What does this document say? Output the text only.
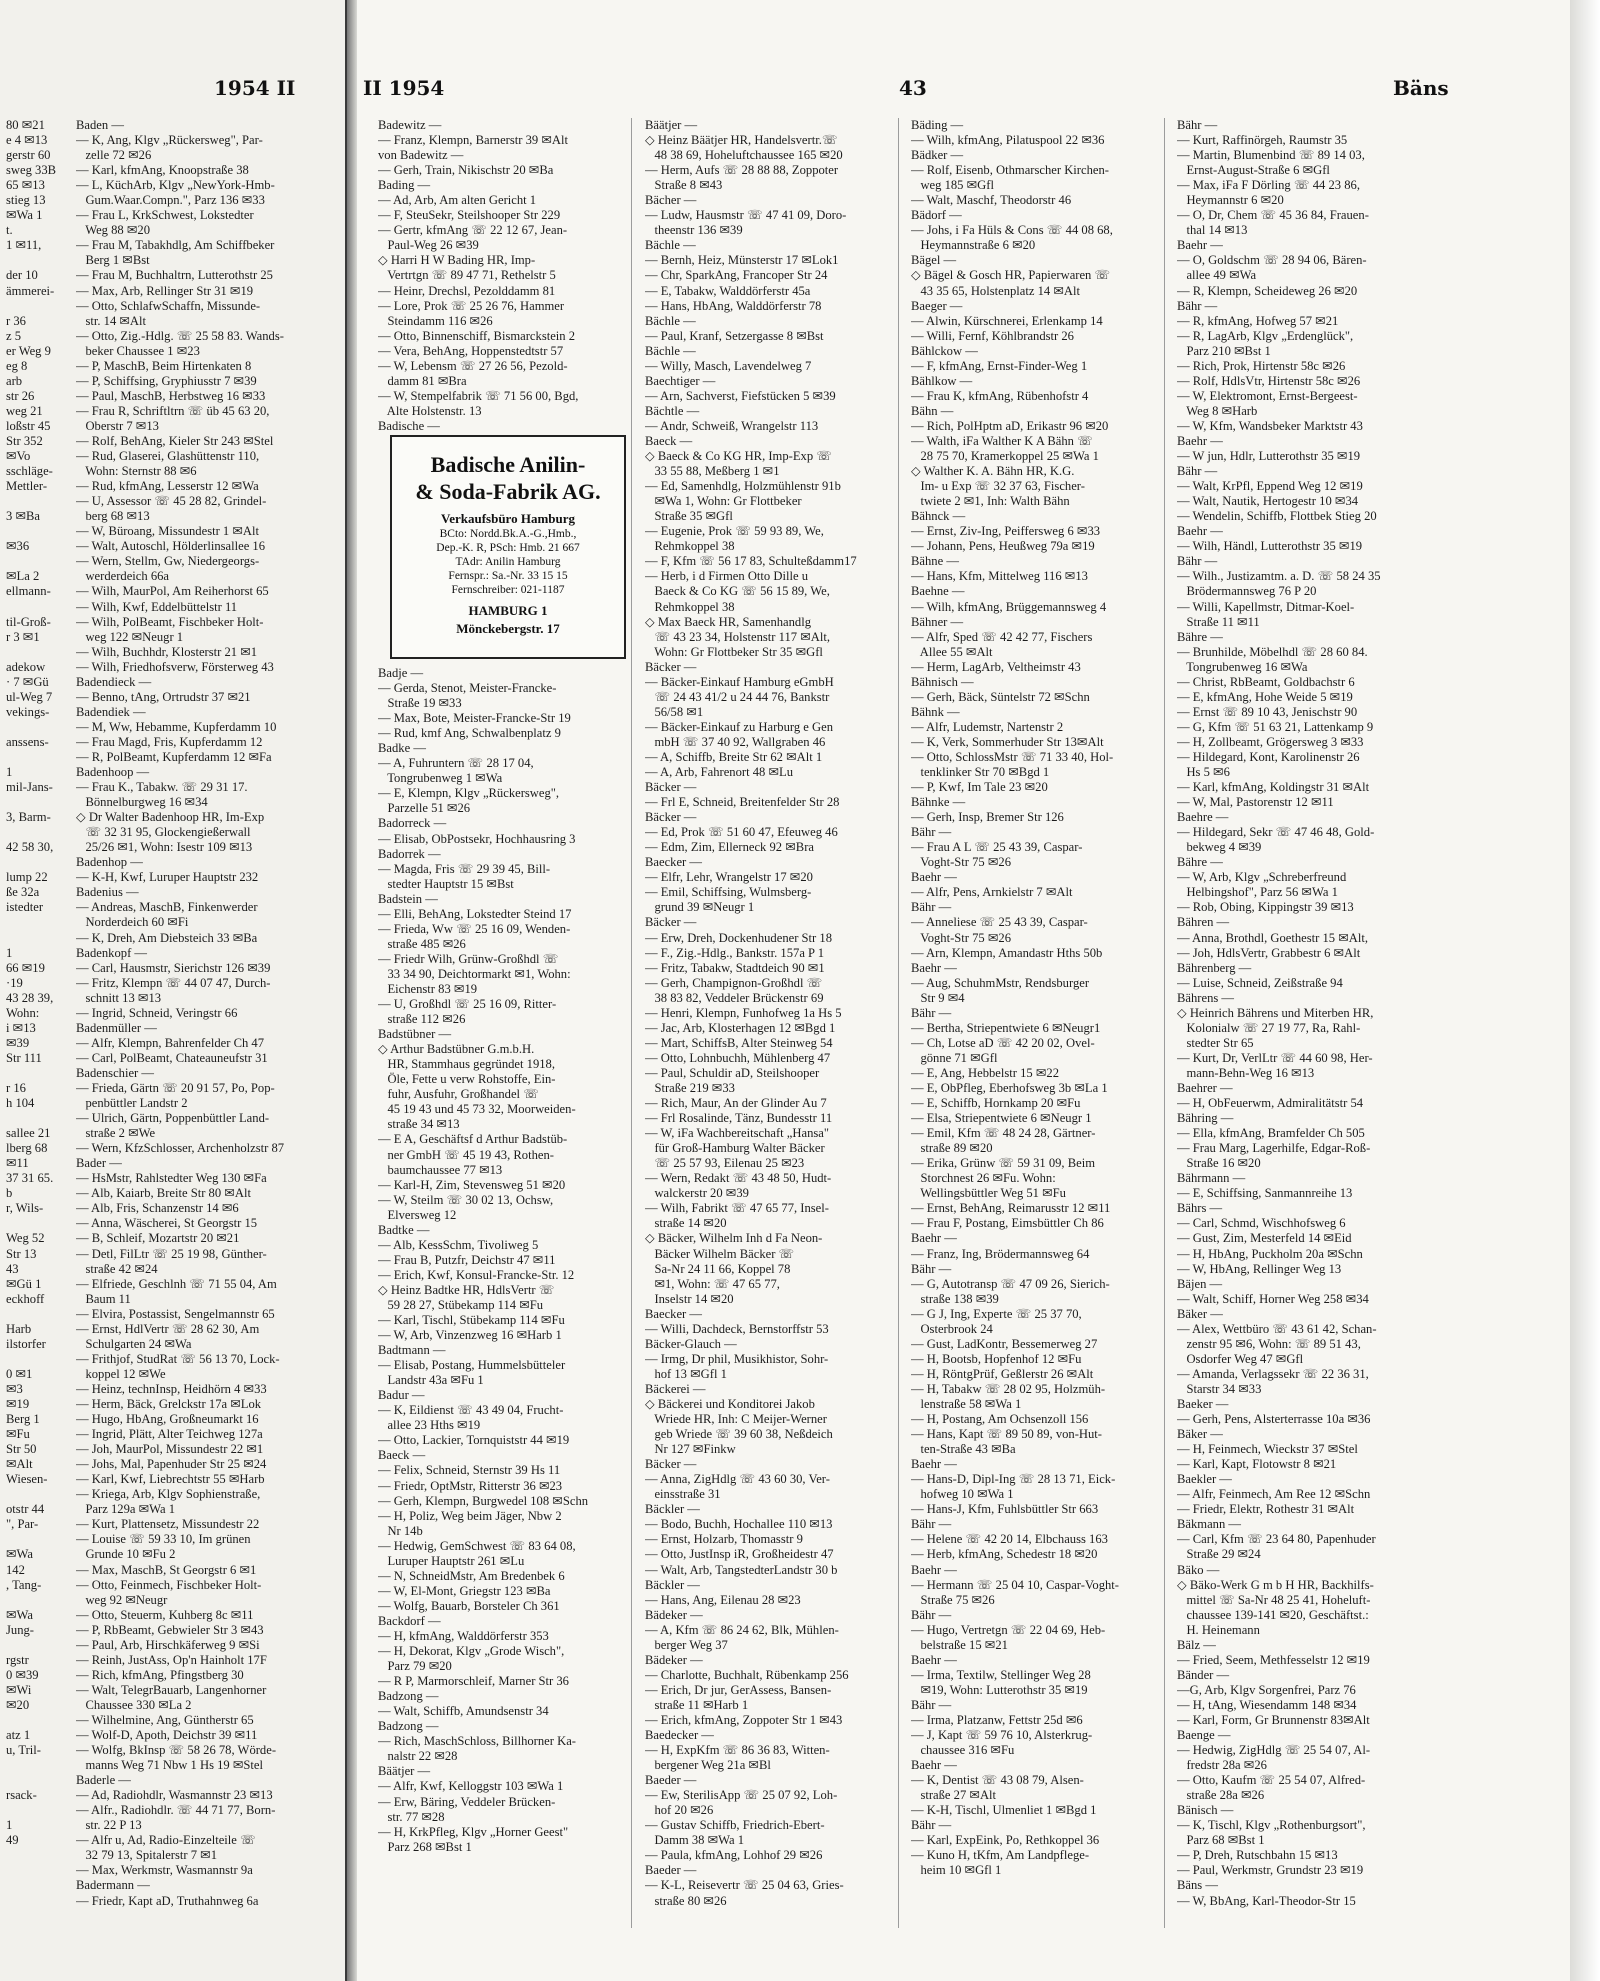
1954 II
80 ✉21
e 4 ✉13
gerstr 60
sweg 33B
65 ✉13
stieg 13
✉Wa 1
t.
1 ✉11,
der 10
ämmerei-
r 36
z 5
er Weg 9
eg 8
arb
str 26
weg 21
loßstr 45
Str 352
✉Vo
sschläge-
Mettler-
3 ✉Ba
✉36
✉La 2
ellmann-
til-Groß-
r 3 ✉1
adekow
· 7 ✉Gü
ul-Weg 7
vekings-
anssens-
1
mil-Jans-
3, Barm-
42 58 30,
lump 22
ße 32a
istedter
1
66 ✉19
·19
43 28 39,
Wohn:
i ✉13
✉39
Str 111
r 16
h 104
sallee 21
lberg 68
✉11
37 31 65.
b
r, Wils-
Weg 52
Str 13
43
✉Gü 1
eckhoff
Harb
ilstorfer
0 ✉1
✉3
✉19
Berg 1
✉Fu
Str 50
✉Alt
Wiesen-
otstr 44
", Par-
✉Wa
142
, Tang-
✉Wa
Jung-
rgstr
0 ✉39
✉Wi
✉20
atz 1
u, Tril-
rsack-
1
49
Baden —
— K, Ang, Klgv „Rückersweg", Par-
zelle 72 ✉26
— Karl, kfmAng, Knoopstraße 38
— L, KüchArb, Klgv „NewYork-Hmb-
Gum.Waar.Compn.", Parz 136 ✉33
— Frau L, KrkSchwest, Lokstedter
Weg 88 ✉20
— Frau M, Tabakhdlg, Am Schiffbeker
Berg 1 ✉Bst
— Frau M, Buchhaltrn, Lutterothstr 25
— Max, Arb, Rellinger Str 31 ✉19
— Otto, SchlafwSchaffn, Missunde-
str. 14 ✉Alt
— Otto, Zig.-Hdlg. ☏ 25 58 83. Wands-
beker Chaussee 1 ✉23
— P, MaschB, Beim Hirtenkaten 8
— P, Schiffsing, Gryphiusstr 7 ✉39
— Paul, MaschB, Herbstweg 16 ✉33
— Frau R, Schriftltrn ☏ üb 45 63 20,
Oberstr 7 ✉13
— Rolf, BehAng, Kieler Str 243 ✉Stel
— Rud, Glaserei, Glashüttenstr 110,
Wohn: Sternstr 88 ✉6
— Rud, kfmAng, Lesserstr 12 ✉Wa
— U, Assessor ☏ 45 28 82, Grindel-
berg 68 ✉13
— W, Büroang, Missundestr 1 ✉Alt
— Walt, Autoschl, Hölderlinsallee 16
— Wern, Stellm, Gw, Niedergeorgs-
werderdeich 66a
— Wilh, MaurPol, Am Reiherhorst 65
— Wilh, Kwf, Eddelbüttelstr 11
— Wilh, PolBeamt, Fischbeker Holt-
weg 122 ✉Neugr 1
— Wilh, Buchhdr, Klosterstr 21 ✉1
— Wilh, Friedhofsverw, Försterweg 43
Badendieck —
— Benno, tAng, Ortrudstr 37 ✉21
Badendiek —
— M, Ww, Hebamme, Kupferdamm 10
— Frau Magd, Fris, Kupferdamm 12
— R, PolBeamt, Kupferdamm 12 ✉Fa
Badenhoop —
— Frau K., Tabakw. ☏ 29 31 17.
Bönnelburgweg 16 ✉34
◇ Dr Walter Badenhoop HR, Im-Exp
☏ 32 31 95, Glockengießerwall
25/26 ✉1, Wohn: Isestr 109 ✉13
Badenhop —
— K-H, Kwf, Luruper Hauptstr 232
Badenius —
— Andreas, MaschB, Finkenwerder
Norderdeich 60 ✉Fi
— K, Dreh, Am Diebsteich 33 ✉Ba
Badenkopf —
— Carl, Hausmstr, Sierichstr 126 ✉39
— Fritz, Klempn ☏ 44 07 47, Durch-
schnitt 13 ✉13
— Ingrid, Schneid, Veringstr 66
Badenmüller —
— Alfr, Klempn, Bahrenfelder Ch 47
— Carl, PolBeamt, Chateauneufstr 31
Badenschier —
— Frieda, Gärtn ☏ 20 91 57, Po, Pop-
penbüttler Landstr 2
— Ulrich, Gärtn, Poppenbüttler Land-
straße 2 ✉We
— Wern, KfzSchlosser, Archenholzstr 87
Bader —
— HsMstr, Rahlstedter Weg 130 ✉Fa
— Alb, Kaiarb, Breite Str 80 ✉Alt
— Alb, Fris, Schanzenstr 14 ✉6
— Anna, Wäscherei, St Georgstr 15
— B, Schleif, Mozartstr 20 ✉21
— Detl, FilLtr ☏ 25 19 98, Günther-
straße 42 ✉24
— Elfriede, Geschlnh ☏ 71 55 04, Am
Baum 11
— Elvira, Postassist, Sengelmannstr 65
— Ernst, HdlVertr ☏ 28 62 30, Am
Schulgarten 24 ✉Wa
— Frithjof, StudRat ☏ 56 13 70, Lock-
koppel 12 ✉We
— Heinz, technInsp, Heidhörn 4 ✉33
— Herm, Bäck, Grelckstr 17a ✉Lok
— Hugo, HbAng, Großneumarkt 16
— Ingrid, Plätt, Alter Teichweg 127a
— Joh, MaurPol, Missundestr 22 ✉1
— Johs, Mal, Papenhuder Str 25 ✉24
— Karl, Kwf, Liebrechtstr 55 ✉Harb
— Kriega, Arb, Klgv Sophienstraße,
Parz 129a ✉Wa 1
— Kurt, Plattensetz, Missundestr 22
— Louise ☏ 59 33 10, Im grünen
Grunde 10 ✉Fu 2
— Max, MaschB, St Georgstr 6 ✉1
— Otto, Feinmech, Fischbeker Holt-
weg 92 ✉Neugr
— Otto, Steuerm, Kuhberg 8c ✉11
— P, RbBeamt, Gebwieler Str 3 ✉43
— Paul, Arb, Hirschkäferweg 9 ✉Si
— Reinh, JustAss, Op'n Hainholt 17F
— Rich, kfmAng, Pfingstberg 30
— Walt, TelegrBauarb, Langenhorner
Chaussee 330 ✉La 2
— Wilhelmine, Ang, Güntherstr 65
— Wolf-D, Apoth, Deichstr 39 ✉11
— Wolfg, BkInsp ☏ 58 26 78, Wörde-
manns Weg 71 Nbw 1 Hs 19 ✉Stel
Baderle —
— Ad, Radiohdlr, Wasmannstr 23 ✉13
— Alfr., Radiohdlr. ☏ 44 71 77, Born-
str. 22 P 13
— Alfr u, Ad, Radio-Einzelteile ☏
32 79 13, Spitalerstr 7 ✉1
— Max, Werkmstr, Wasmannstr 9a
Badermann —
— Friedr, Kapt aD, Truthahnweg 6a
II 1954	43	Bäns
Badewitz —
— Franz, Klempn, Barnerstr 39 ✉Alt
von Badewitz —
— Gerh, Train, Nikischstr 20 ✉Ba
Bading —
— Ad, Arb, Am alten Gericht 1
— F, SteuSekr, Steilshooper Str 229
— Gertr, kfmAng ☏ 22 12 67, Jean-
Paul-Weg 26 ✉39
◇ Harri H W Bading HR, Imp-
Vertrtgn ☏ 89 47 71, Rethelstr 5
— Heinr, Drechsl, Pezolddamm 81
— Lore, Prok ☏ 25 26 76, Hammer
Steindamm 116 ✉26
— Otto, Binnenschiff, Bismarckstein 2
— Vera, BehAng, Hoppenstedtstr 57
— W, Lebensm ☏ 27 26 56, Pezold-
damm 81 ✉Bra
— W, Stempelfabrik ☏ 71 56 00, Bgd,
Alte Holstenstr. 13
Badische —
Badische Anilin-
& Soda-Fabrik AG.
Verkaufsbüro Hamburg
BCto: Nordd.Bk.A.-G.,Hmb.,
Dep.-K. R, PSch: Hmb. 21 667
TAdr: Anilin Hamburg
Fernspr.: Sa.-Nr. 33 15 15
Fernschreiber: 021-1187
HAMBURG 1
Mönckebergstr. 17
Badje —
— Gerda, Stenot, Meister-Francke-
Straße 19 ✉33
— Max, Bote, Meister-Francke-Str 19
— Rud, kmf Ang, Schwalbenplatz 9
Badke —
— A, Fuhruntern ☏ 28 17 04,
Tongrubenweg 1 ✉Wa
— E, Klempn, Klgv „Rückersweg",
Parzelle 51 ✉26
Badorreck —
— Elisab, ObPostsekr, Hochhausring 3
Badorrek —
— Magda, Fris ☏ 29 39 45, Bill-
stedter Hauptstr 15 ✉Bst
Badstein —
— Elli, BehAng, Lokstedter Steind 17
— Frieda, Ww ☏ 25 16 09, Wenden-
straße 485 ✉26
— Friedr Wilh, Grünw-Großhdl ☏
33 34 90, Deichtormarkt ✉1, Wohn:
Eichenstr 83 ✉19
— U, Großhdl ☏ 25 16 09, Ritter-
straße 112 ✉26
Badstübner —
◇ Arthur Badstübner G.m.b.H.
HR, Stammhaus gegründet 1918,
Öle, Fette u verw Rohstoffe, Ein-
fuhr, Ausfuhr, Großhandel ☏
45 19 43 und 45 73 32, Moorweiden-
straße 34 ✉13
— E A, Geschäftsf d Arthur Badstüb-
ner GmbH ☏ 45 19 43, Rothen-
baumchaussee 77 ✉13
— Karl-H, Zim, Stevensweg 51 ✉20
— W, Steilm ☏ 30 02 13, Ochsw,
Elversweg 12
Badtke —
— Alb, KessSchm, Tivoliweg 5
— Frau B, Putzfr, Deichstr 47 ✉11
— Erich, Kwf, Konsul-Francke-Str. 12
◇ Heinz Badtke HR, HdlsVertr ☏
59 28 27, Stübekamp 114 ✉Fu
— Karl, Tischl, Stübekamp 114 ✉Fu
— W, Arb, Vinzenzweg 16 ✉Harb 1
Badtmann —
— Elisab, Postang, Hummelsbütteler
Landstr 43a ✉Fu 1
Badur —
— K, Eildienst ☏ 43 49 04, Frucht-
allee 23 Hths ✉19
— Otto, Lackier, Tornquiststr 44 ✉19
Baeck —
— Felix, Schneid, Sternstr 39 Hs 11
— Friedr, OptMstr, Ritterstr 36 ✉23
— Gerh, Klempn, Burgwedel 108 ✉Schn
— H, Poliz, Weg beim Jäger, Nbw 2
Nr 14b
— Hedwig, GemSchwest ☏ 83 64 08,
Luruper Hauptstr 261 ✉Lu
— N, SchneidMstr, Am Bredenbek 6
— W, El-Mont, Griegstr 123 ✉Ba
— Wolfg, Bauarb, Borsteler Ch 361
Backdorf —
— H, kfmAng, Walddörferstr 353
— H, Dekorat, Klgv „Grode Wisch",
Parz 79 ✉20
— R P, Marmorschleif, Marner Str 36
Badzong —
— Walt, Schiffb, Amundsenstr 34
Badzong —
— Rich, MaschSchloss, Billhorner Ka-
nalstr 22 ✉28
Bäätjer —
— Alfr, Kwf, Kelloggstr 103 ✉Wa 1
— Erw, Bäring, Veddeler Brücken-
str. 77 ✉28
— H, KrkPfleg, Klgv „Horner Geest"
Parz 268 ✉Bst 1
Bäätjer —
◇ Heinz Bäätjer HR, Handelsvertr.☏
48 38 69, Hoheluftchaussee 165 ✉20
— Herm, Aufs ☏ 28 88 88, Zoppoter
Straße 8 ✉43
Bächer —
— Ludw, Hausmstr ☏ 47 41 09, Doro-
theenstr 136 ✉39
Bächle —
— Bernh, Heiz, Münsterstr 17 ✉Lok1
— Chr, SparkAng, Francoper Str 24
— E, Tabakw, Walddörferstr 45a
— Hans, HbAng, Walddörferstr 78
Bächle —
— Paul, Kranf, Setzergasse 8 ✉Bst
Bächle —
— Willy, Masch, Lavendelweg 7
Baechtiger —
— Arn, Sachverst, Fiefstücken 5 ✉39
Bächtle —
— Andr, Schweiß, Wrangelstr 113
Baeck —
◇ Baeck & Co KG HR, Imp-Exp ☏
33 55 88, Meßberg 1 ✉1
— Ed, Samenhdlg, Holzmühlenstr 91b
✉Wa 1, Wohn: Gr Flottbeker
Straße 35 ✉Gfl
— Eugenie, Prok ☏ 59 93 89, We,
Rehmkoppel 38
— F, Kfm ☏ 56 17 83, Schulteßdamm17
— Herb, i d Firmen Otto Dille u
Baeck & Co KG ☏ 56 15 89, We,
Rehmkoppel 38
◇ Max Baeck HR, Samenhandlg
☏ 43 23 34, Holstenstr 117 ✉Alt,
Wohn: Gr Flottbeker Str 35 ✉Gfl
Bäcker —
— Bäcker-Einkauf Hamburg eGmbH
☏ 24 43 41/2 u 24 44 76, Bankstr
56/58 ✉1
— Bäcker-Einkauf zu Harburg e Gen
mbH ☏ 37 40 92, Wallgraben 46
— A, Schiffb, Breite Str 62 ✉Alt 1
— A, Arb, Fahrenort 48 ✉Lu
Bäcker —
— Frl E, Schneid, Breitenfelder Str 28
Bäcker —
— Ed, Prok ☏ 51 60 47, Efeuweg 46
— Edm, Zim, Ellerneck 92 ✉Bra
Baecker —
— Elfr, Lehr, Wrangelstr 17 ✉20
— Emil, Schiffsing, Wulmsberg-
grund 39 ✉Neugr 1
Bäcker —
— Erw, Dreh, Dockenhudener Str 18
— F., Zig.-Hdlg., Bankstr. 157a P 1
— Fritz, Tabakw, Stadtdeich 90 ✉1
— Gerh, Champignon-Großhdl ☏
38 83 82, Veddeler Brückenstr 69
— Henri, Klempn, Funhofweg 1a Hs 5
— Jac, Arb, Klosterhagen 12 ✉Bgd 1
— Mart, SchiffsB, Alter Steinweg 54
— Otto, Lohnbuchh, Mühlenberg 47
— Paul, Schuldir aD, Steilshooper
Straße 219 ✉33
— Rich, Maur, An der Glinder Au 7
— Frl Rosalinde, Tänz, Bundesstr 11
— W, iFa Wachbereitschaft „Hansa"
für Groß-Hamburg Walter Bäcker
☏ 25 57 93, Eilenau 25 ✉23
— Wern, Redakt ☏ 43 48 50, Hudt-
walckerstr 20 ✉39
— Wilh, Fabrikt ☏ 47 65 77, Insel-
straße 14 ✉20
◇ Bäcker, Wilhelm Inh d Fa Neon-
Bäcker Wilhelm Bäcker ☏
Sa-Nr 24 11 66, Koppel 78
✉1, Wohn: ☏ 47 65 77,
Inselstr 14 ✉20
Baecker —
— Willi, Dachdeck, Bernstorffstr 53
Bäcker-Glauch —
— Irmg, Dr phil, Musikhistor, Sohr-
hof 13 ✉Gfl 1
Bäckerei —
◇ Bäckerei und Konditorei Jakob
Wriede HR, Inh: C Meijer-Werner
geb Wriede ☏ 39 60 38, Neßdeich
Nr 127 ✉Finkw
Bäcker —
— Anna, ZigHdlg ☏ 43 60 30, Ver-
einsstraße 31
Bäckler —
— Bodo, Buchh, Hochallee 110 ✉13
— Ernst, Holzarb, Thomasstr 9
— Otto, JustInsp iR, Großheidestr 47
— Walt, Arb, TangstedterLandstr 30 b
Bäckler —
— Hans, Ang, Eilenau 28 ✉23
Bädeker —
— A, Kfm ☏ 86 24 62, Blk, Mühlen-
berger Weg 37
Bädeker —
— Charlotte, Buchhalt, Rübenkamp 256
— Erich, Dr jur, GerAssess, Bansen-
straße 11 ✉Harb 1
— Erich, kfmAng, Zoppoter Str 1 ✉43
Baedecker —
— H, ExpKfm ☏ 86 36 83, Witten-
bergener Weg 21a ✉Bl
Baeder —
— Ew, SterilisApp ☏ 25 07 92, Loh-
hof 20 ✉26
— Gustav Schiffb, Friedrich-Ebert-
Damm 38 ✉Wa 1
— Paula, kfmAng, Lohhof 29 ✉26
Baeder —
— K-L, Reisevertr ☏ 25 04 63, Gries-
straße 80 ✉26
Bäding —
— Wilh, kfmAng, Pilatuspool 22 ✉36
Bädker —
— Rolf, Eisenb, Othmarscher Kirchen-
weg 185 ✉Gfl
— Walt, Maschf, Theodorstr 46
Bädorf —
— Johs, i Fa Hüls & Cons ☏ 44 08 68,
Heymannstraße 6 ✉20
Bägel —
◇ Bägel & Gosch HR, Papierwaren ☏
43 35 65, Holstenplatz 14 ✉Alt
Baeger —
— Alwin, Kürschnerei, Erlenkamp 14
— Willi, Fernf, Köhlbrandstr 26
Bählckow —
— F, kfmAng, Ernst-Finder-Weg 1
Bählkow —
— Frau K, kfmAng, Rübenhofstr 4
Bähn —
— Rich, PolHptm aD, Erikastr 96 ✉20
— Walth, iFa Walther K A Bähn ☏
28 75 70, Kramerkoppel 25 ✉Wa 1
◇ Walther K. A. Bähn HR, K.G.
Im- u Exp ☏ 32 37 63, Fischer-
twiete 2 ✉1, Inh: Walth Bähn
Bähnck —
— Ernst, Ziv-Ing, Peiffersweg 6 ✉33
— Johann, Pens, Heußweg 79a ✉19
Bähne —
— Hans, Kfm, Mittelweg 116 ✉13
Baehne —
— Wilh, kfmAng, Brüggemannsweg 4
Bähner —
— Alfr, Sped ☏ 42 42 77, Fischers
Allee 55 ✉Alt
— Herm, LagArb, Veltheimstr 43
Bähnisch —
— Gerh, Bäck, Süntelstr 72 ✉Schn
Bähnk —
— Alfr, Ludemstr, Nartenstr 2
— K, Verk, Sommerhuder Str 13✉Alt
— Otto, SchlossMstr ☏ 71 33 40, Hol-
tenklinker Str 70 ✉Bgd 1
— P, Kwf, Im Tale 23 ✉20
Bähnke —
— Gerh, Insp, Bremer Str 126
Bähr —
— Frau A L ☏ 25 43 39, Caspar-
Voght-Str 75 ✉26
Baehr —
— Alfr, Pens, Arnkielstr 7 ✉Alt
Bähr —
— Anneliese ☏ 25 43 39, Caspar-
Voght-Str 75 ✉26
— Arn, Klempn, Amandastr Hths 50b
Baehr —
— Aug, SchuhmMstr, Rendsburger
Str 9 ✉4
Bähr —
— Bertha, Striepentwiete 6 ✉Neugr1
— Ch, Lotse aD ☏ 42 20 02, Ovel-
gönne 71 ✉Gfl
— E, Ang, Hebbelstr 15 ✉22
— E, ObPfleg, Eberhofsweg 3b ✉La 1
— E, Schiffb, Hornkamp 20 ✉Fu
— Elsa, Striepentwiete 6 ✉Neugr 1
— Emil, Kfm ☏ 48 24 28, Gärtner-
straße 89 ✉20
— Erika, Grünw ☏ 59 31 09, Beim
Storchnest 26 ✉Fu. Wohn:
Wellingsbüttler Weg 51 ✉Fu
— Ernst, BehAng, Reimarusstr 12 ✉11
— Frau F, Postang, Eimsbüttler Ch 86
Baehr —
— Franz, Ing, Brödermannsweg 64
Bähr —
— G, Autotransp ☏ 47 09 26, Sierich-
straße 138 ✉39
— G J, Ing, Experte ☏ 25 37 70,
Osterbrook 24
— Gust, LadKontr, Bessemerweg 27
— H, Bootsb, Hopfenhof 12 ✉Fu
— H, RöntgPrüf, Geßlerstr 26 ✉Alt
— H, Tabakw ☏ 28 02 95, Holzmüh-
lenstraße 58 ✉Wa 1
— H, Postang, Am Ochsenzoll 156
— Hans, Kapt ☏ 89 50 89, von-Hut-
ten-Straße 43 ✉Ba
Baehr —
— Hans-D, Dipl-Ing ☏ 28 13 71, Eick-
hofweg 10 ✉Wa 1
— Hans-J, Kfm, Fuhlsbüttler Str 663
Bähr —
— Helene ☏ 42 20 14, Elbchauss 163
— Herb, kfmAng, Schedestr 18 ✉20
Baehr —
— Hermann ☏ 25 04 10, Caspar-Voght-
Straße 75 ✉26
Bähr —
— Hugo, Vertretgn ☏ 22 04 69, Heb-
belstraße 15 ✉21
Baehr —
— Irma, Textilw, Stellinger Weg 28
✉19, Wohn: Lutterothstr 35 ✉19
Bähr —
— Irma, Platzanw, Fettstr 25d ✉6
— J, Kapt ☏ 59 76 10, Alsterkrug-
chaussee 316 ✉Fu
Baehr —
— K, Dentist ☏ 43 08 79, Alsen-
straße 27 ✉Alt
— K-H, Tischl, Ulmenliet 1 ✉Bgd 1
Bähr —
— Karl, ExpEink, Po, Rethkoppel 36
— Kuno H, tKfm, Am Landpflege-
heim 10 ✉Gfl 1
Bähr —
— Kurt, Raffinörgeh, Raumstr 35
— Martin, Blumenbind ☏ 89 14 03,
Ernst-August-Straße 6 ✉Gfl
— Max, iFa F Dörling ☏ 44 23 86,
Heymannstr 6 ✉20
— O, Dr, Chem ☏ 45 36 84, Frauen-
thal 14 ✉13
Baehr —
— O, Goldschm ☏ 28 94 06, Bären-
allee 49 ✉Wa
— R, Klempn, Scheideweg 26 ✉20
Bähr —
— R, kfmAng, Hofweg 57 ✉21
— R, LagArb, Klgv „Erdenglück",
Parz 210 ✉Bst 1
— Rich, Prok, Hirtenstr 58c ✉26
— Rolf, HdlsVtr, Hirtenstr 58c ✉26
— W, Elektromont, Ernst-Bergeest-
Weg 8 ✉Harb
— W, Kfm, Wandsbeker Marktstr 43
Baehr —
— W jun, Hdlr, Lutterothstr 35 ✉19
Bähr —
— Walt, KrPfl, Eppend Weg 12 ✉19
— Walt, Nautik, Hertogestr 10 ✉34
— Wendelin, Schiffb, Flottbek Stieg 20
Baehr —
— Wilh, Händl, Lutterothstr 35 ✉19
Bähr —
— Wilh., Justizamtm. a. D. ☏ 58 24 35
Brödermannsweg 76 P 20
— Willi, Kapellmstr, Ditmar-Koel-
Straße 11 ✉11
Bähre —
— Brunhilde, Möbelhdl ☏ 28 60 84.
Tongrubenweg 16 ✉Wa
— Christ, RbBeamt, Goldbachstr 6
— E, kfmAng, Hohe Weide 5 ✉19
— Ernst ☏ 89 10 43, Jenischstr 90
— G, Kfm ☏ 51 63 21, Lattenkamp 9
— H, Zollbeamt, Grögersweg 3 ✉33
— Hildegard, Kont, Karolinenstr 26
Hs 5 ✉6
— Karl, kfmAng, Koldingstr 31 ✉Alt
— W, Mal, Pastorenstr 12 ✉11
Baehre —
— Hildegard, Sekr ☏ 47 46 48, Gold-
bekweg 4 ✉39
Bähre —
— W, Arb, Klgv „Schreberfreund
Helbingshof", Parz 56 ✉Wa 1
— Rob, Obing, Kippingstr 39 ✉13
Bähren —
— Anna, Brothdl, Goethestr 15 ✉Alt,
— Joh, HdlsVertr, Grabbestr 6 ✉Alt
Bährenberg —
— Luise, Schneid, Zeißstraße 94
Bährens —
◇ Heinrich Bährens und Miterben HR,
Kolonialw ☏ 27 19 77, Ra, Rahl-
stedter Str 65
— Kurt, Dr, VerlLtr ☏ 44 60 98, Her-
mann-Behn-Weg 16 ✉13
Baehrer —
— H, ObFeuerwm, Admiralitätstr 54
Bähring —
— Ella, kfmAng, Bramfelder Ch 505
— Frau Marg, Lagerhilfe, Edgar-Roß-
Straße 16 ✉20
Bährmann —
— E, Schiffsing, Sanmannreihe 13
Bährs —
— Carl, Schmd, Wischhofsweg 6
— Gust, Zim, Mesterfeld 14 ✉Eid
— H, HbAng, Puckholm 20a ✉Schn
— W, HbAng, Rellinger Weg 13
Bäjen —
— Walt, Schiff, Horner Weg 258 ✉34
Bäker —
— Alex, Wettbüro ☏ 43 61 42, Schan-
zenstr 95 ✉6, Wohn: ☏ 89 51 43,
Osdorfer Weg 47 ✉Gfl
— Amanda, Verlagssekr ☏ 22 36 31,
Starstr 34 ✉33
Baeker —
— Gerh, Pens, Alsterterrasse 10a ✉36
Bäker —
— H, Feinmech, Wieckstr 37 ✉Stel
— Karl, Kapt, Flotowstr 8 ✉21
Baekler —
— Alfr, Feinmech, Am Ree 12 ✉Schn
— Friedr, Elektr, Rothestr 31 ✉Alt
Bäkmann —
— Carl, Kfm ☏ 23 64 80, Papenhuder
Straße 29 ✉24
Bäko —
◇ Bäko-Werk G m b H HR, Backhilfs-
mittel ☏ Sa-Nr 48 25 41, Hoheluft-
chaussee 139-141 ✉20, Geschäftst.:
H. Heinemann
Bälz —
— Fried, Seem, Methfesselstr 12 ✉19
Bänder —
—G, Arb, Klgv Sorgenfrei, Parz 76
— H, tAng, Wiesendamm 148 ✉34
— Karl, Form, Gr Brunnenstr 83✉Alt
Baenge —
— Hedwig, ZigHdlg ☏ 25 54 07, Al-
fredstr 28a ✉26
— Otto, Kaufm ☏ 25 54 07, Alfred-
straße 28a ✉26
Bänisch —
— K, Tischl, Klgv „Rothenburgsort",
Parz 68 ✉Bst 1
— P, Dreh, Rutschbahn 15 ✉13
— Paul, Werkmstr, Grundstr 23 ✉19
Bäns —
— W, BbAng, Karl-Theodor-Str 15
